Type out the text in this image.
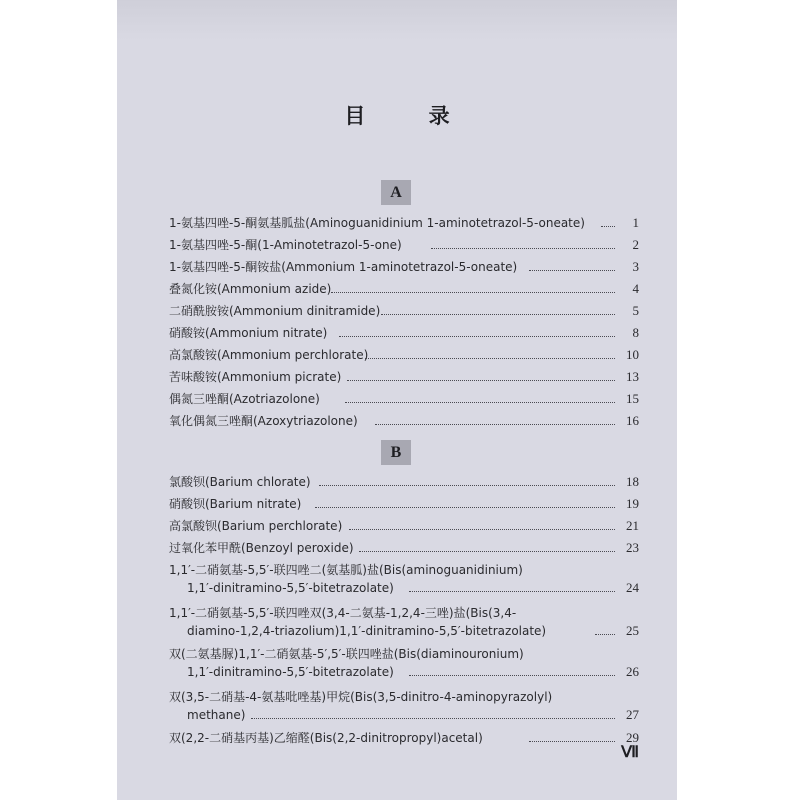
目 录
A
1-氨基四唑-5-酮氨基胍盐(Aminoguanidinium 1-aminotetrazol-5-oneate)	1
1-氨基四唑-5-酮(1-Aminotetrazol-5-one)	2
1-氨基四唑-5-酮铵盐(Ammonium 1-aminotetrazol-5-oneate)	3
叠氮化铵(Ammonium azide)	4
二硝酰胺铵(Ammonium dinitramide)	5
硝酸铵(Ammonium nitrate)	8
高氯酸铵(Ammonium perchlorate)	10
苦味酸铵(Ammonium picrate)	13
偶氮三唑酮(Azotriazolone)	15
氧化偶氮三唑酮(Azoxytriazolone)	16
B
氯酸钡(Barium chlorate)	18
硝酸钡(Barium nitrate)	19
高氯酸钡(Barium perchlorate)	21
过氧化苯甲酰(Benzoyl peroxide)	23
1,1′-二硝氨基-5,5′-联四唑二(氨基胍)盐(Bis(aminoguanidinium)
1,1′-dinitramino-5,5′-bitetrazolate)	24
1,1′-二硝氨基-5,5′-联四唑双(3,4-二氨基-1,2,4-三唑)盐(Bis(3,4-
diamino-1,2,4-triazolium)1,1′-dinitramino-5,5′-bitetrazolate)	25
双(二氨基脲)1,1′-二硝氨基-5′,5′-联四唑盐(Bis(diaminouronium)
1,1′-dinitramino-5,5′-bitetrazolate)	26
双(3,5-二硝基-4-氨基吡唑基)甲烷(Bis(3,5-dinitro-4-aminopyrazolyl)
methane)	27
双(2,2-二硝基丙基)乙缩醛(Bis(2,2-dinitropropyl)acetal)	29
Ⅶ
